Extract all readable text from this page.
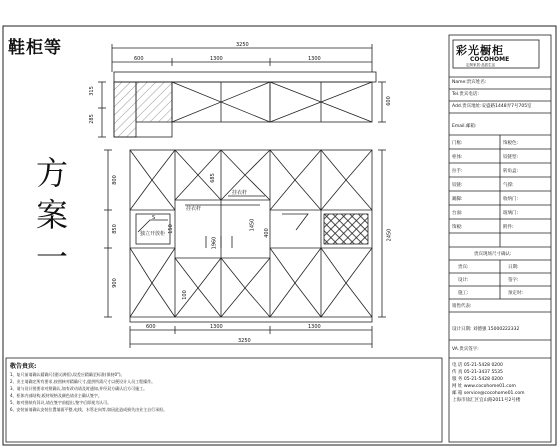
鞋柜等
方
案
一
3250
600	1300	1300
315
285
600
800
850
900
2450
685
1450
1960
400
100
150
挂衣杆
挂衣杆
独立开放柜
S
600	1300	1300
3250
敬告贵宾:
1、复尺前请确认精确尺(建议满柜),误差应精确至标准(保持0°)。
2、业主请确定所有要求,按图核对精确尺寸,提供所需尺寸以便设计人员工程操作。
3、请与设计图要求对照确认,如有改动请及时通知,并经双方确认后方可施工。
4、柜体内部结构,板材规格及颜色请业主确认签字。
5、如对图纸有异议,请在签字前提出,签字后即视为认可。
6、安装前请确认安装位置墙面平整,电线、水管走向等,如因此造成损失由业主自行承担。
彩光橱柜
COCOHOME
定制家居·品质生活
Name:贵宾姓名:
Tel.贵宾电话:
Add.贵宾地址:安盛路1448弄7号705室
Email.邮箱:
门框:	饰板色:
柜体:	铰链型:
拉手:	转角盒:
铰链:	气撑:
踢脚:	收纳门:
台面:	玻璃门:
饰板:	附件:
贵宾现场尺寸确认:
贵宾:	日期:
设计:	签字:
施工:	预定时:
销售代表:
设计日期: 刘德强 15000222332
VA.贵宾签字:
电 话 05-21-5428 0200
传 真 05-21-3437 5535
服 务 05-21-5428 0200
网 址 www.cocohome01.com
邮 箱 service@cocohome01.com
上海市徐汇区宜山路2011号2号楼
